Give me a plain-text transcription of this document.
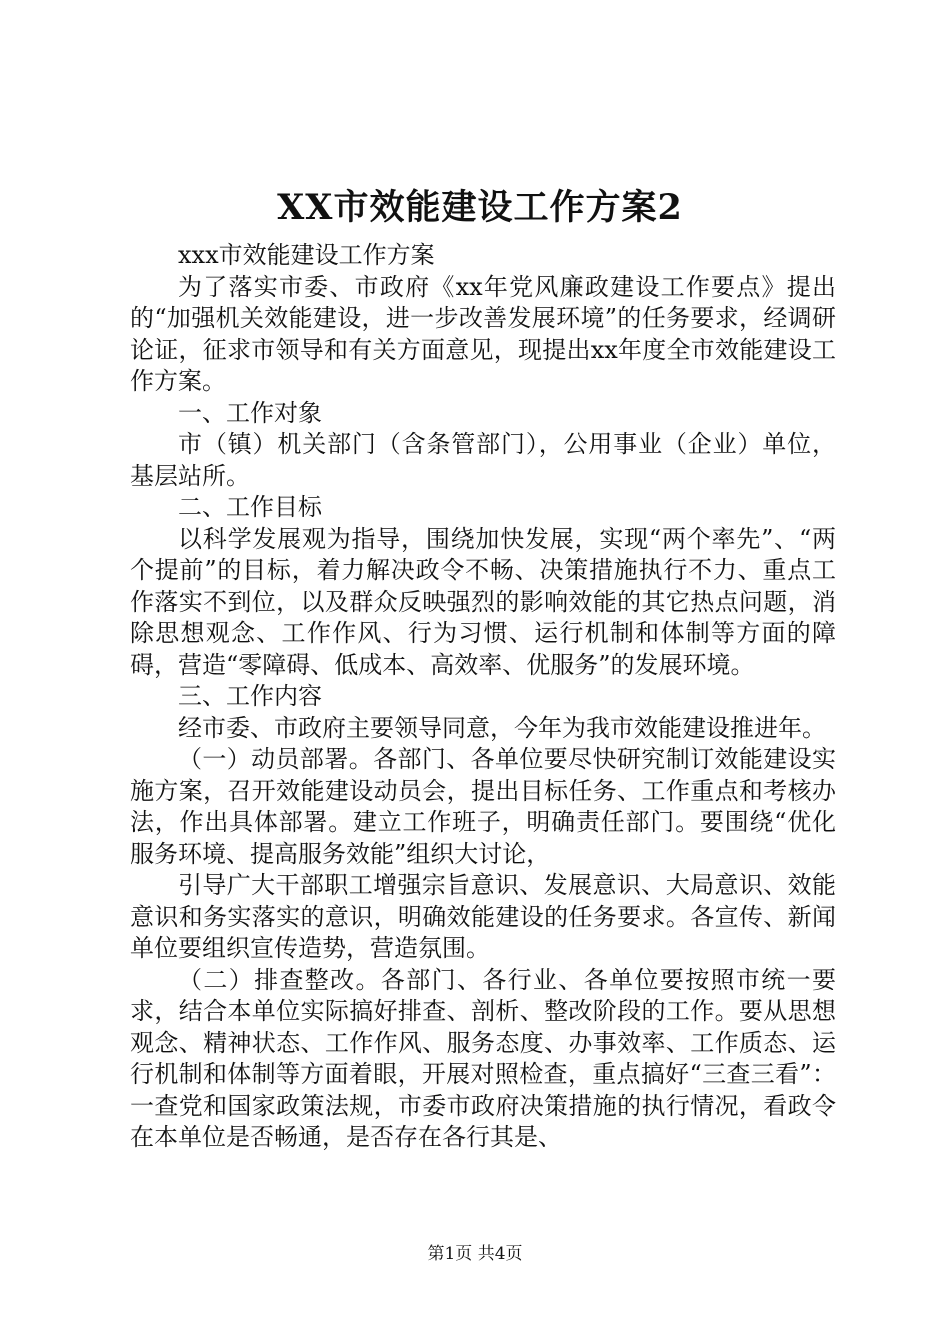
XX市效能建设工作方案2

xxx市效能建设工作方案

为了落实市委、市政府《xx年党风廉政建设工作要点》提出的“加强机关效能建设，进一步改善发展环境”的任务要求，经调研论证，征求市领导和有关方面意见，现提出xx年度全市效能建设工作方案。

一、工作对象

市（镇）机关部门（含条管部门），公用事业（企业）单位，基层站所。

二、工作目标

以科学发展观为指导，围绕加快发展，实现“两个率先”、“两个提前”的目标，着力解决政令不畅、决策措施执行不力、重点工作落实不到位，以及群众反映强烈的影响效能的其它热点问题，消除思想观念、工作作风、行为习惯、运行机制和体制等方面的障碍，营造“零障碍、低成本、高效率、优服务”的发展环境。

三、工作内容

经市委、市政府主要领导同意，今年为我市效能建设推进年。

（一）动员部署。各部门、各单位要尽快研究制订效能建设实施方案，召开效能建设动员会，提出目标任务、工作重点和考核办法，作出具体部署。建立工作班子，明确责任部门。要围绕“优化服务环境、提高服务效能”组织大讨论，

引导广大干部职工增强宗旨意识、发展意识、大局意识、效能意识和务实落实的意识，明确效能建设的任务要求。各宣传、新闻单位要组织宣传造势，营造氛围。

（二）排查整改。各部门、各行业、各单位要按照市统一要求，结合本单位实际搞好排查、剖析、整改阶段的工作。要从思想观念、精神状态、工作作风、服务态度、办事效率、工作质态、运行机制和体制等方面着眼，开展对照检查，重点搞好“三查三看”：一查党和国家政策法规，市委市政府决策措施的执行情况，看政令在本单位是否畅通，是否存在各行其是、

第1页 共4页
